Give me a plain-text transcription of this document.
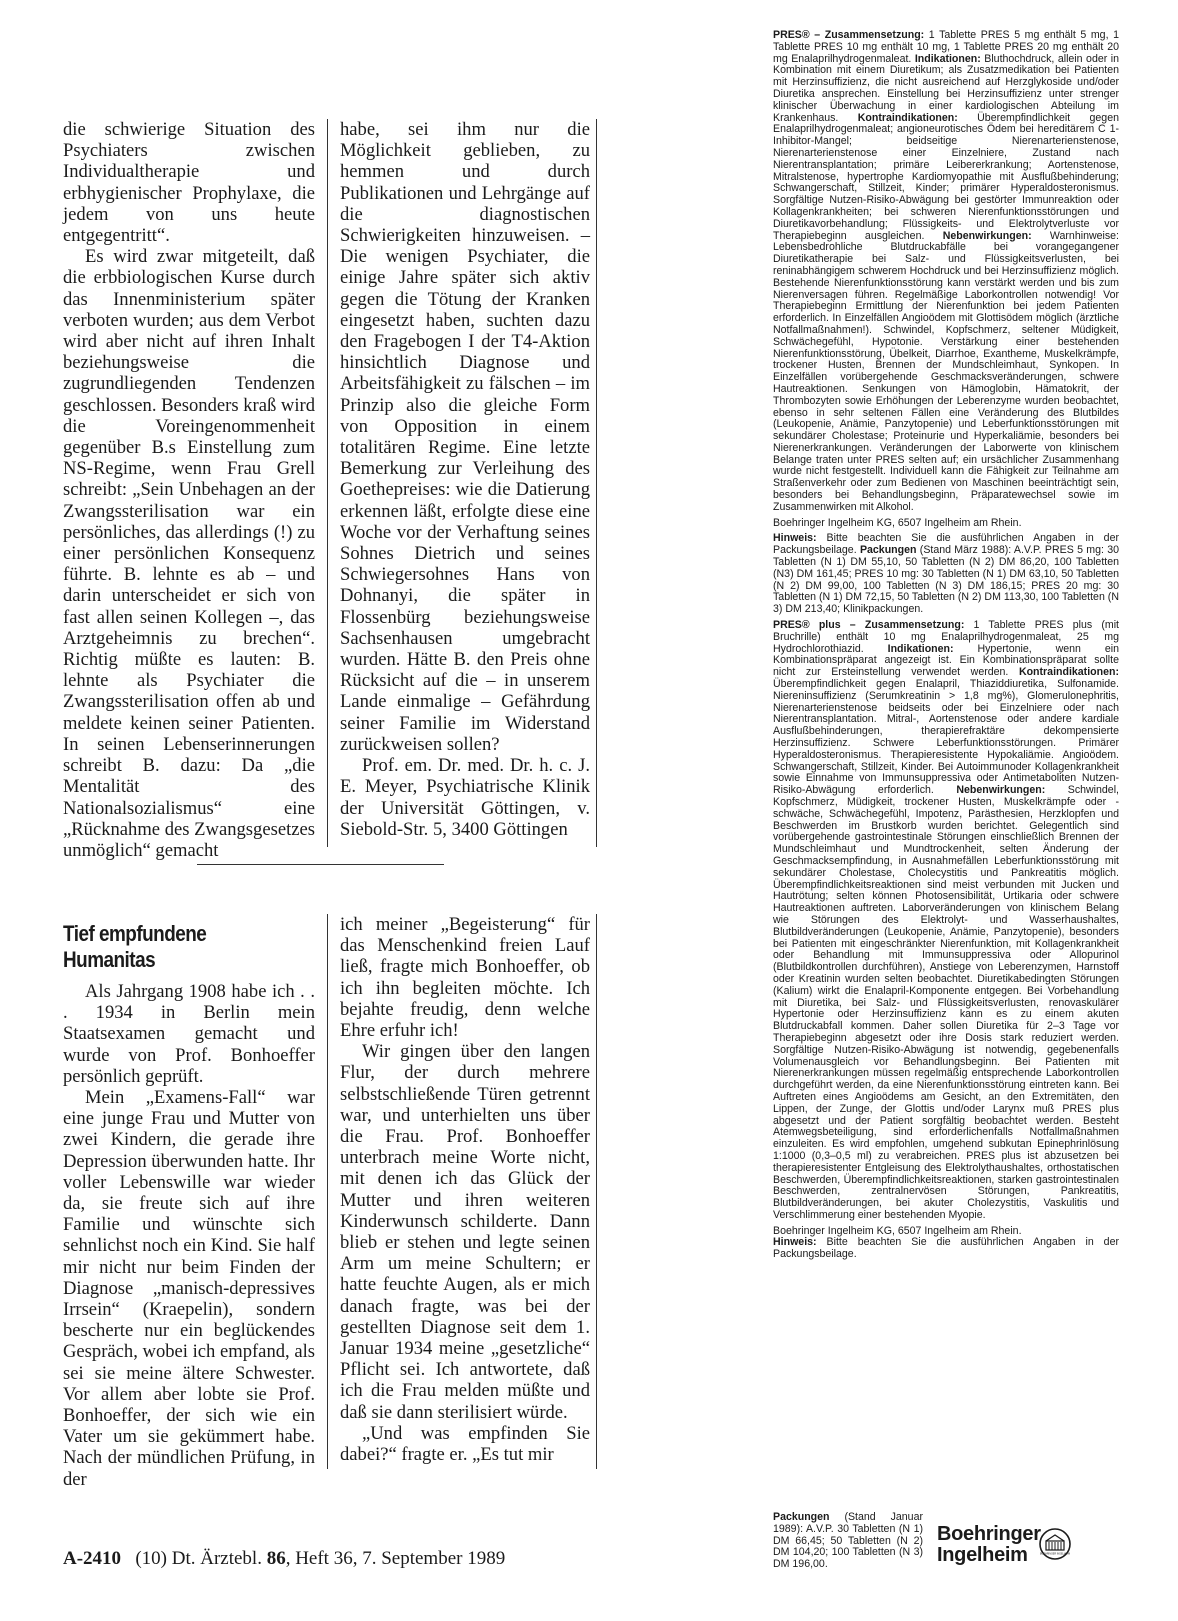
die schwierige Situation des Psychiaters zwischen Individualtherapie und erbhygienischer Prophylaxe, die jedem von uns heute entgegentritt“.

Es wird zwar mitgeteilt, daß die erbbiologischen Kurse durch das Innenministerium später verboten wurden; aus dem Verbot wird aber nicht auf ihren Inhalt beziehungsweise die zugrundliegenden Tendenzen geschlossen. Besonders kraß wird die Voreingenommenheit gegenüber B.s Einstellung zum NS-Regime, wenn Frau Grell schreibt: „Sein Unbehagen an der Zwangssterilisation war ein persönliches, das allerdings (!) zu einer persönlichen Konsequenz führte. B. lehnte es ab – und darin unterscheidet er sich von fast allen seinen Kollegen –, das Arztgeheimnis zu brechen“. Richtig müßte es lauten: B. lehnte als Psychiater die Zwangssterilisation offen ab und meldete keinen seiner Patienten. In seinen Lebenserinnerungen schreibt B. dazu: Da „die Mentalität des Nationalsozialismus“ eine „Rücknahme des Zwangsgesetzes unmöglich“ gemacht

habe, sei ihm nur die Möglichkeit geblieben, zu hemmen und durch Publikationen und Lehrgänge auf die diagnostischen Schwierigkeiten hinzuweisen. – Die wenigen Psychiater, die einige Jahre später sich aktiv gegen die Tötung der Kranken eingesetzt haben, suchten dazu den Fragebogen I der T4-Aktion hinsichtlich Diagnose und Arbeitsfähigkeit zu fälschen – im Prinzip also die gleiche Form von Opposition in einem totalitären Regime. Eine letzte Bemerkung zur Verleihung des Goethepreises: wie die Datierung erkennen läßt, erfolgte diese eine Woche vor der Verhaftung seines Sohnes Dietrich und seines Schwiegersohnes Hans von Dohnanyi, die später in Flossenbürg beziehungsweise Sachsenhausen umgebracht wurden. Hätte B. den Preis ohne Rücksicht auf die – in unserem Lande einmalige – Gefährdung seiner Familie im Widerstand zurückweisen sollen?

Prof. em. Dr. med. Dr. h. c. J. E. Meyer, Psychiatrische Klinik der Universität Göttingen, v. Siebold-Str. 5, 3400 Göttingen

Tief empfundene Humanitas

Als Jahrgang 1908 habe ich . . . 1934 in Berlin mein Staatsexamen gemacht und wurde von Prof. Bonhoeffer persönlich geprüft.

Mein „Examens-Fall“ war eine junge Frau und Mutter von zwei Kindern, die gerade ihre Depression überwunden hatte. Ihr voller Lebenswille war wieder da, sie freute sich auf ihre Familie und wünschte sich sehnlichst noch ein Kind. Sie half mir nicht nur beim Finden der Diagnose „manisch-depressives Irrsein“ (Kraepelin), sondern bescherte nur ein beglückendes Gespräch, wobei ich empfand, als sei sie meine ältere Schwester. Vor allem aber lobte sie Prof. Bonhoeffer, der sich wie ein Vater um sie gekümmert habe. Nach der mündlichen Prüfung, in der

ich meiner „Begeisterung“ für das Menschenkind freien Lauf ließ, fragte mich Bonhoeffer, ob ich ihn begleiten möchte. Ich bejahte freudig, denn welche Ehre erfuhr ich!

Wir gingen über den langen Flur, der durch mehrere selbstschließende Türen getrennt war, und unterhielten uns über die Frau. Prof. Bonhoeffer unterbrach meine Worte nicht, mit denen ich das Glück der Mutter und ihren weiteren Kinderwunsch schilderte. Dann blieb er stehen und legte seinen Arm um meine Schultern; er hatte feuchte Augen, als er mich danach fragte, was bei der gestellten Diagnose seit dem 1. Januar 1934 meine „gesetzliche“ Pflicht sei. Ich antwortete, daß ich die Frau melden müßte und daß sie dann sterilisiert würde.

„Und was empfinden Sie dabei?“ fragte er. „Es tut mir

A-2410 (10) Dt. Ärztebl. 86, Heft 36, 7. September 1989

PRES® – Zusammensetzung: 1 Tablette PRES 5 mg enthält 5 mg, 1 Tablette PRES 10 mg enthält 10 mg, 1 Tablette PRES 20 mg enthält 20 mg Enalaprilhydrogenmaleat. Indikationen: Bluthochdruck, allein oder in Kombination mit einem Diuretikum; als Zusatzmedikation bei Patienten mit Herzinsuffizienz, die nicht ausreichend auf Herzglykoside und/oder Diuretika ansprechen. Einstellung bei Herzinsuffizienz unter strenger klinischer Überwachung in einer kardiologischen Abteilung im Krankenhaus. Kontraindikationen: Überempfindlichkeit gegen Enalaprilhydrogenmaleat; angioneurotisches Ödem bei hereditärem C 1-Inhibitor-Mangel; beidseitige Nierenarterienstenose, Nierenarterienstenose einer Einzelniere, Zustand nach Nierentransplantation; primäre Leibererkrankung; Aortenstenose, Mitralstenose, hypertrophe Kardiomyopathie mit Ausflußbehinderung; Schwangerschaft, Stillzeit, Kinder; primärer Hyperaldosteronismus. Sorgfältige Nutzen-Risiko-Abwägung bei gestörter Immunreaktion oder Kollagenkrankheiten; bei schweren Nierenfunktionsstörungen und Diuretikavorbehandlung; Flüssigkeits- und Elektrolytverluste vor Therapiebeginn ausgleichen. Nebenwirkungen: Warnhinweise: Lebensbedrohliche Blutdruckabfälle bei vorangegangener Diuretikatherapie bei Salz- und Flüssigkeitsverlusten, bei reninabhängigem schwerem Hochdruck und bei Herzinsuffizienz möglich. Bestehende Nierenfunktionsstörung kann verstärkt werden und bis zum Nierenversagen führen. Regelmäßige Laborkontrollen notwendig! Vor Therapiebeginn Ermittlung der Nierenfunktion bei jedem Patienten erforderlich. In Einzelfällen Angioödem mit Glottisödem möglich (ärztliche Notfallmaßnahmen!). Schwindel, Kopfschmerz, seltener Müdigkeit, Schwächegefühl, Hypotonie. Verstärkung einer bestehenden Nierenfunktionsstörung, Übelkeit, Diarrhoe, Exantheme, Muskelkrämpfe, trockener Husten, Brennen der Mundschleimhaut, Synkopen. In Einzelfällen vorübergehende Geschmacksveränderungen, schwere Hautreaktionen. Senkungen von Hämoglobin, Hämatokrit, der Thrombozyten sowie Erhöhungen der Leberenzyme wurden beobachtet, ebenso in sehr seltenen Fällen eine Veränderung des Blutbildes (Leukopenie, Anämie, Panzytopenie) und Leberfunktionsstörungen mit sekundärer Cholestase; Proteinurie und Hyperkaliämie, besonders bei Nierenerkrankungen. Veränderungen der Laborwerte von klinischem Belange traten unter PRES selten auf; ein ursächlicher Zusammenhang wurde nicht festgestellt. Individuell kann die Fähigkeit zur Teilnahme am Straßenverkehr oder zum Bedienen von Maschinen beeinträchtigt sein, besonders bei Behandlungsbeginn, Präparatewechsel sowie im Zusammenwirken mit Alkohol.

Boehringer Ingelheim KG, 6507 Ingelheim am Rhein.

Hinweis: Bitte beachten Sie die ausführlichen Angaben in der Packungsbeilage. Packungen (Stand März 1988): A.V.P. PRES 5 mg: 30 Tabletten (N 1) DM 55,10, 50 Tabletten (N 2) DM 86,20, 100 Tabletten (N3) DM 161,45; PRES 10 mg: 30 Tabletten (N 1) DM 63,10, 50 Tabletten (N 2) DM 99,00, 100 Tabletten (N 3) DM 186,15; PRES 20 mg: 30 Tabletten (N 1) DM 72,15, 50 Tabletten (N 2) DM 113,30, 100 Tabletten (N 3) DM 213,40; Klinikpackungen.

PRES® plus – Zusammensetzung: 1 Tablette PRES plus (mit Bruchrille) enthält 10 mg Enalaprilhydrogenmaleat, 25 mg Hydrochlorothiazid. Indikationen: Hypertonie, wenn ein Kombinationspräparat angezeigt ist. Ein Kombinationspräparat sollte nicht zur Ersteinstellung verwendet werden. Kontraindikationen: Überempfindlichkeit gegen Enalapril, Thiaziddiuretika, Sulfonamide. Niereninsuffizienz (Serumkreatinin > 1,8 mg%), Glomerulonephritis, Nierenarterienstenose beidseits oder bei Einzelniere oder nach Nierentransplantation. Mitral-, Aortenstenose oder andere kardiale Ausflußbehinderungen, therapierefraktäre dekompensierte Herzinsuffizienz. Schwere Leberfunktionsstörungen. Primärer Hyperaldosteronismus. Therapieresistente Hypokaliämie. Angioödem. Schwangerschaft, Stillzeit, Kinder. Bei Autoimmunoder Kollagenkrankheit sowie Einnahme von Immunsuppressiva oder Antimetaboliten Nutzen-Risiko-Abwägung erforderlich. Nebenwirkungen: Schwindel, Kopfschmerz, Müdigkeit, trockener Husten, Muskelkrämpfe oder -schwäche, Schwächegefühl, Impotenz, Parästhesien, Herzklopfen und Beschwerden im Brustkorb wurden berichtet. Gelegentlich sind vorübergehende gastrointestinale Störungen einschließlich Brennen der Mundschleimhaut und Mundtrockenheit, selten Änderung der Geschmacksempfindung, in Ausnahmefällen Leberfunktionsstörung mit sekundärer Cholestase, Cholecystitis und Pankreatitis möglich. Überempfindlichkeitsreaktionen sind meist verbunden mit Jucken und Hautrötung; selten können Photosensibilität, Urtikaria oder schwere Hautreaktionen auftreten. Laborveränderungen von klinischem Belang wie Störungen des Elektrolyt- und Wasserhaushaltes, Blutbildveränderungen (Leukopenie, Anämie, Panzytopenie), besonders bei Patienten mit eingeschränkter Nierenfunktion, mit Kollagenkrankheit oder Behandlung mit Immunsuppressiva oder Allopurinol (Blutbildkontrollen durchführen), Anstiege von Leberenzymen, Harnstoff oder Kreatinin wurden selten beobachtet. Diuretikabedingten Störungen (Kalium) wirkt die Enalapril-Komponente entgegen. Bei Vorbehandlung mit Diuretika, bei Salz- und Flüssigkeitsverlusten, renovaskulärer Hypertonie oder Herzinsuffizienz kann es zu einem akuten Blutdruckabfall kommen. Daher sollen Diuretika für 2–3 Tage vor Therapiebeginn abgesetzt oder ihre Dosis stark reduziert werden. Sorgfältige Nutzen-Risiko-Abwägung ist notwendig, gegebenenfalls Volumenausgleich vor Behandlungsbeginn. Bei Patienten mit Nierenerkrankungen müssen regelmäßig entsprechende Laborkontrollen durchgeführt werden, da eine Nierenfunktionsstörung eintreten kann. Bei Auftreten eines Angioödems am Gesicht, an den Extremitäten, den Lippen, der Zunge, der Glottis und/oder Larynx muß PRES plus abgesetzt und der Patient sorgfältig beobachtet werden. Besteht Atemwegsbeteiligung, sind erforderlichenfalls Notfallmaßnahmen einzuleiten. Es wird empfohlen, umgehend subkutan Epinephrinlösung 1:1000 (0,3–0,5 ml) zu verabreichen. PRES plus ist abzusetzen bei therapieresistenter Entgleisung des Elektrolythaushaltes, orthostatischen Beschwerden, Überempfindlichkeitsreaktionen, starken gastrointestinalen Beschwerden, zentralnervösen Störungen, Pankreatitis, Blutbildveränderungen, bei akuter Cholezystitis, Vaskulitis und Verschlimmerung einer bestehenden Myopie.

Boehringer Ingelheim KG, 6507 Ingelheim am Rhein.

Hinweis: Bitte beachten Sie die ausführlichen Angaben in der Packungsbeilage.

Packungen (Stand Januar 1989): A.V.P. 30 Tabletten (N 1) DM 66,45; 50 Tabletten (N 2) DM 104,20; 100 Tabletten (N 3) DM 196,00.
Boehringer
Ingelheim	BOEHRINGER INGELHEIM
